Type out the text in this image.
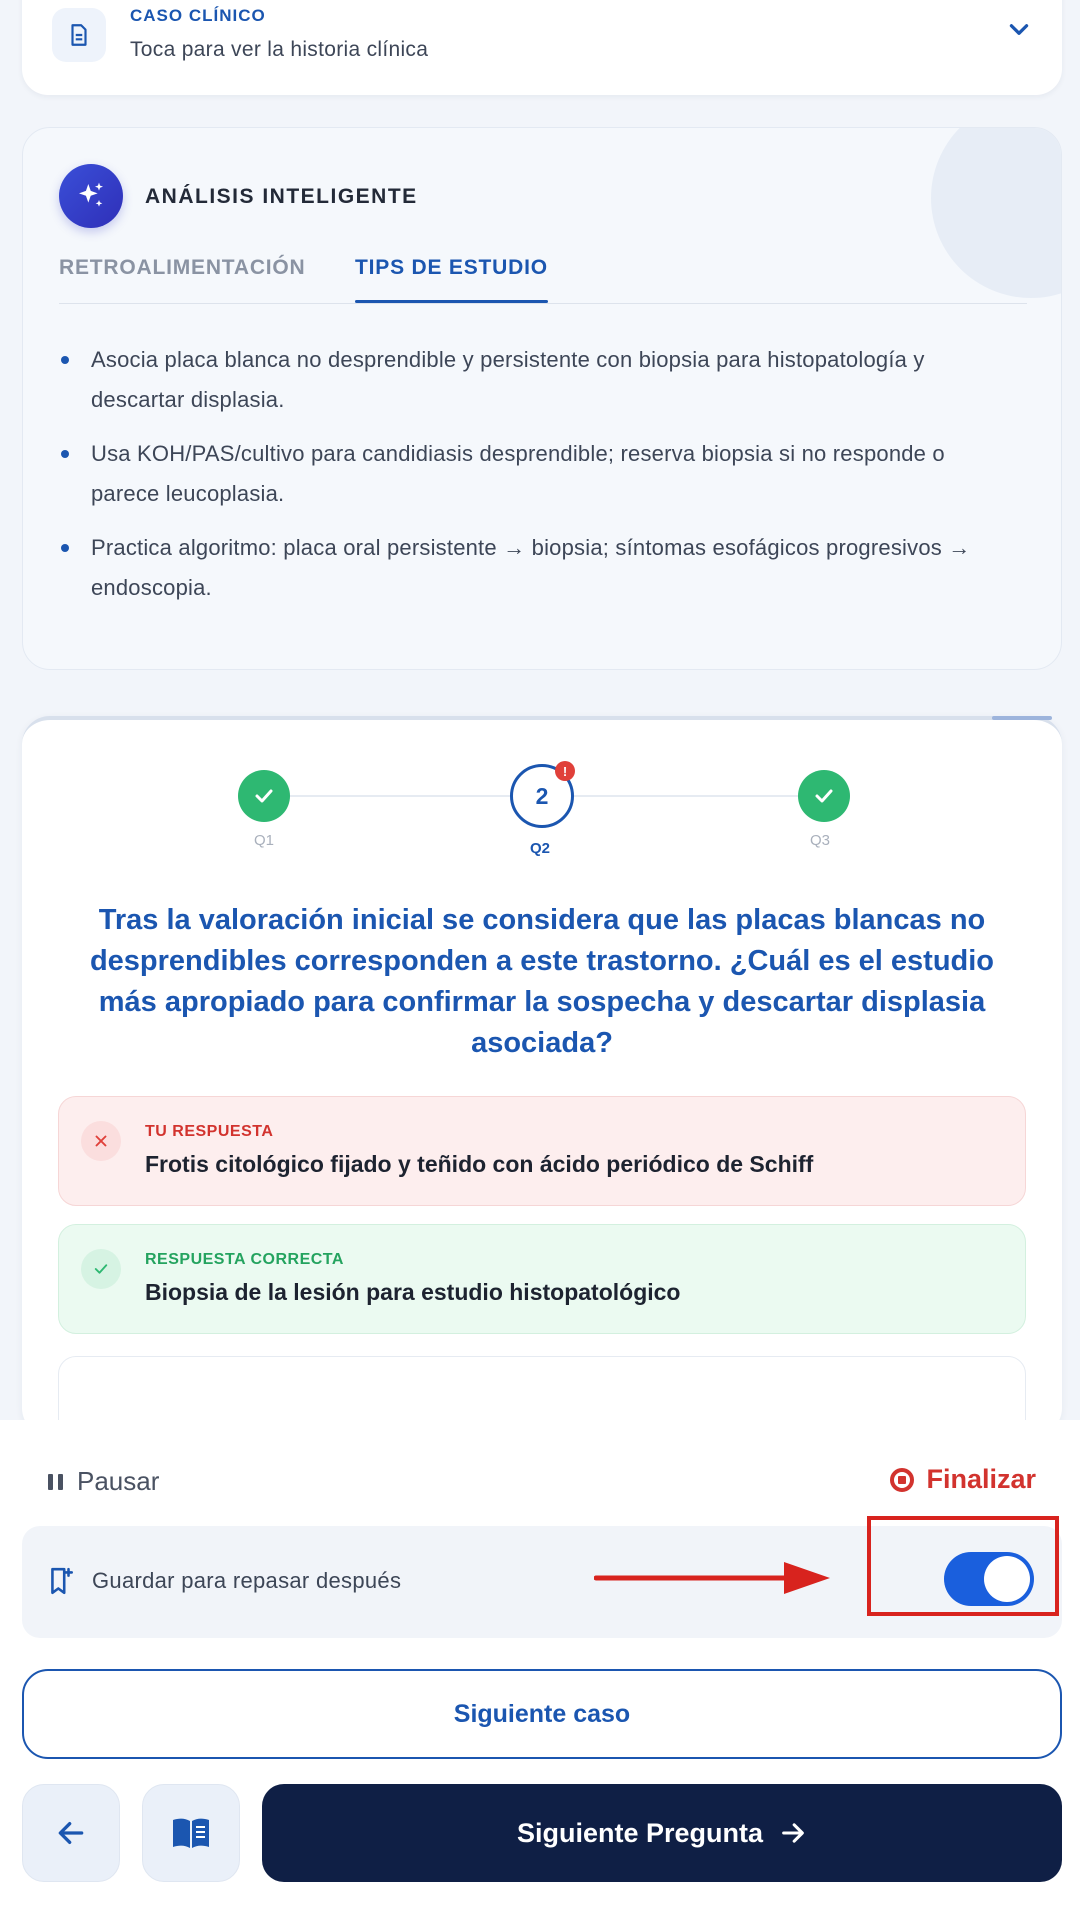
CASO CLÍNICO
Toca para ver la historia clínica
ANÁLISIS INTELIGENTE
RETROALIMENTACIÓN TIPS DE ESTUDIO
Asocia placa blanca no desprendible y persistente con biopsia para histopatología y descartar displasia.
Usa KOH/PAS/cultivo para candidiasis desprendible; reserva biopsia si no responde o parece leucoplasia.
Practica algoritmo: placa oral persistente → biopsia; síntomas esofágicos progresivos → endoscopia.
2
!
Q1	Q2	Q3
Tras la valoración inicial se considera que las placas blancas no desprendibles corresponden a este trastorno. ¿Cuál es el estudio más apropiado para confirmar la sospecha y descartar displasia asociada?
TU RESPUESTA
Frotis citológico fijado y teñido con ácido periódico de Schiff
RESPUESTA CORRECTA
Biopsia de la lesión para estudio histopatológico
Pausar	Finalizar
Guardar para repasar después
Siguiente caso
Siguiente Pregunta
